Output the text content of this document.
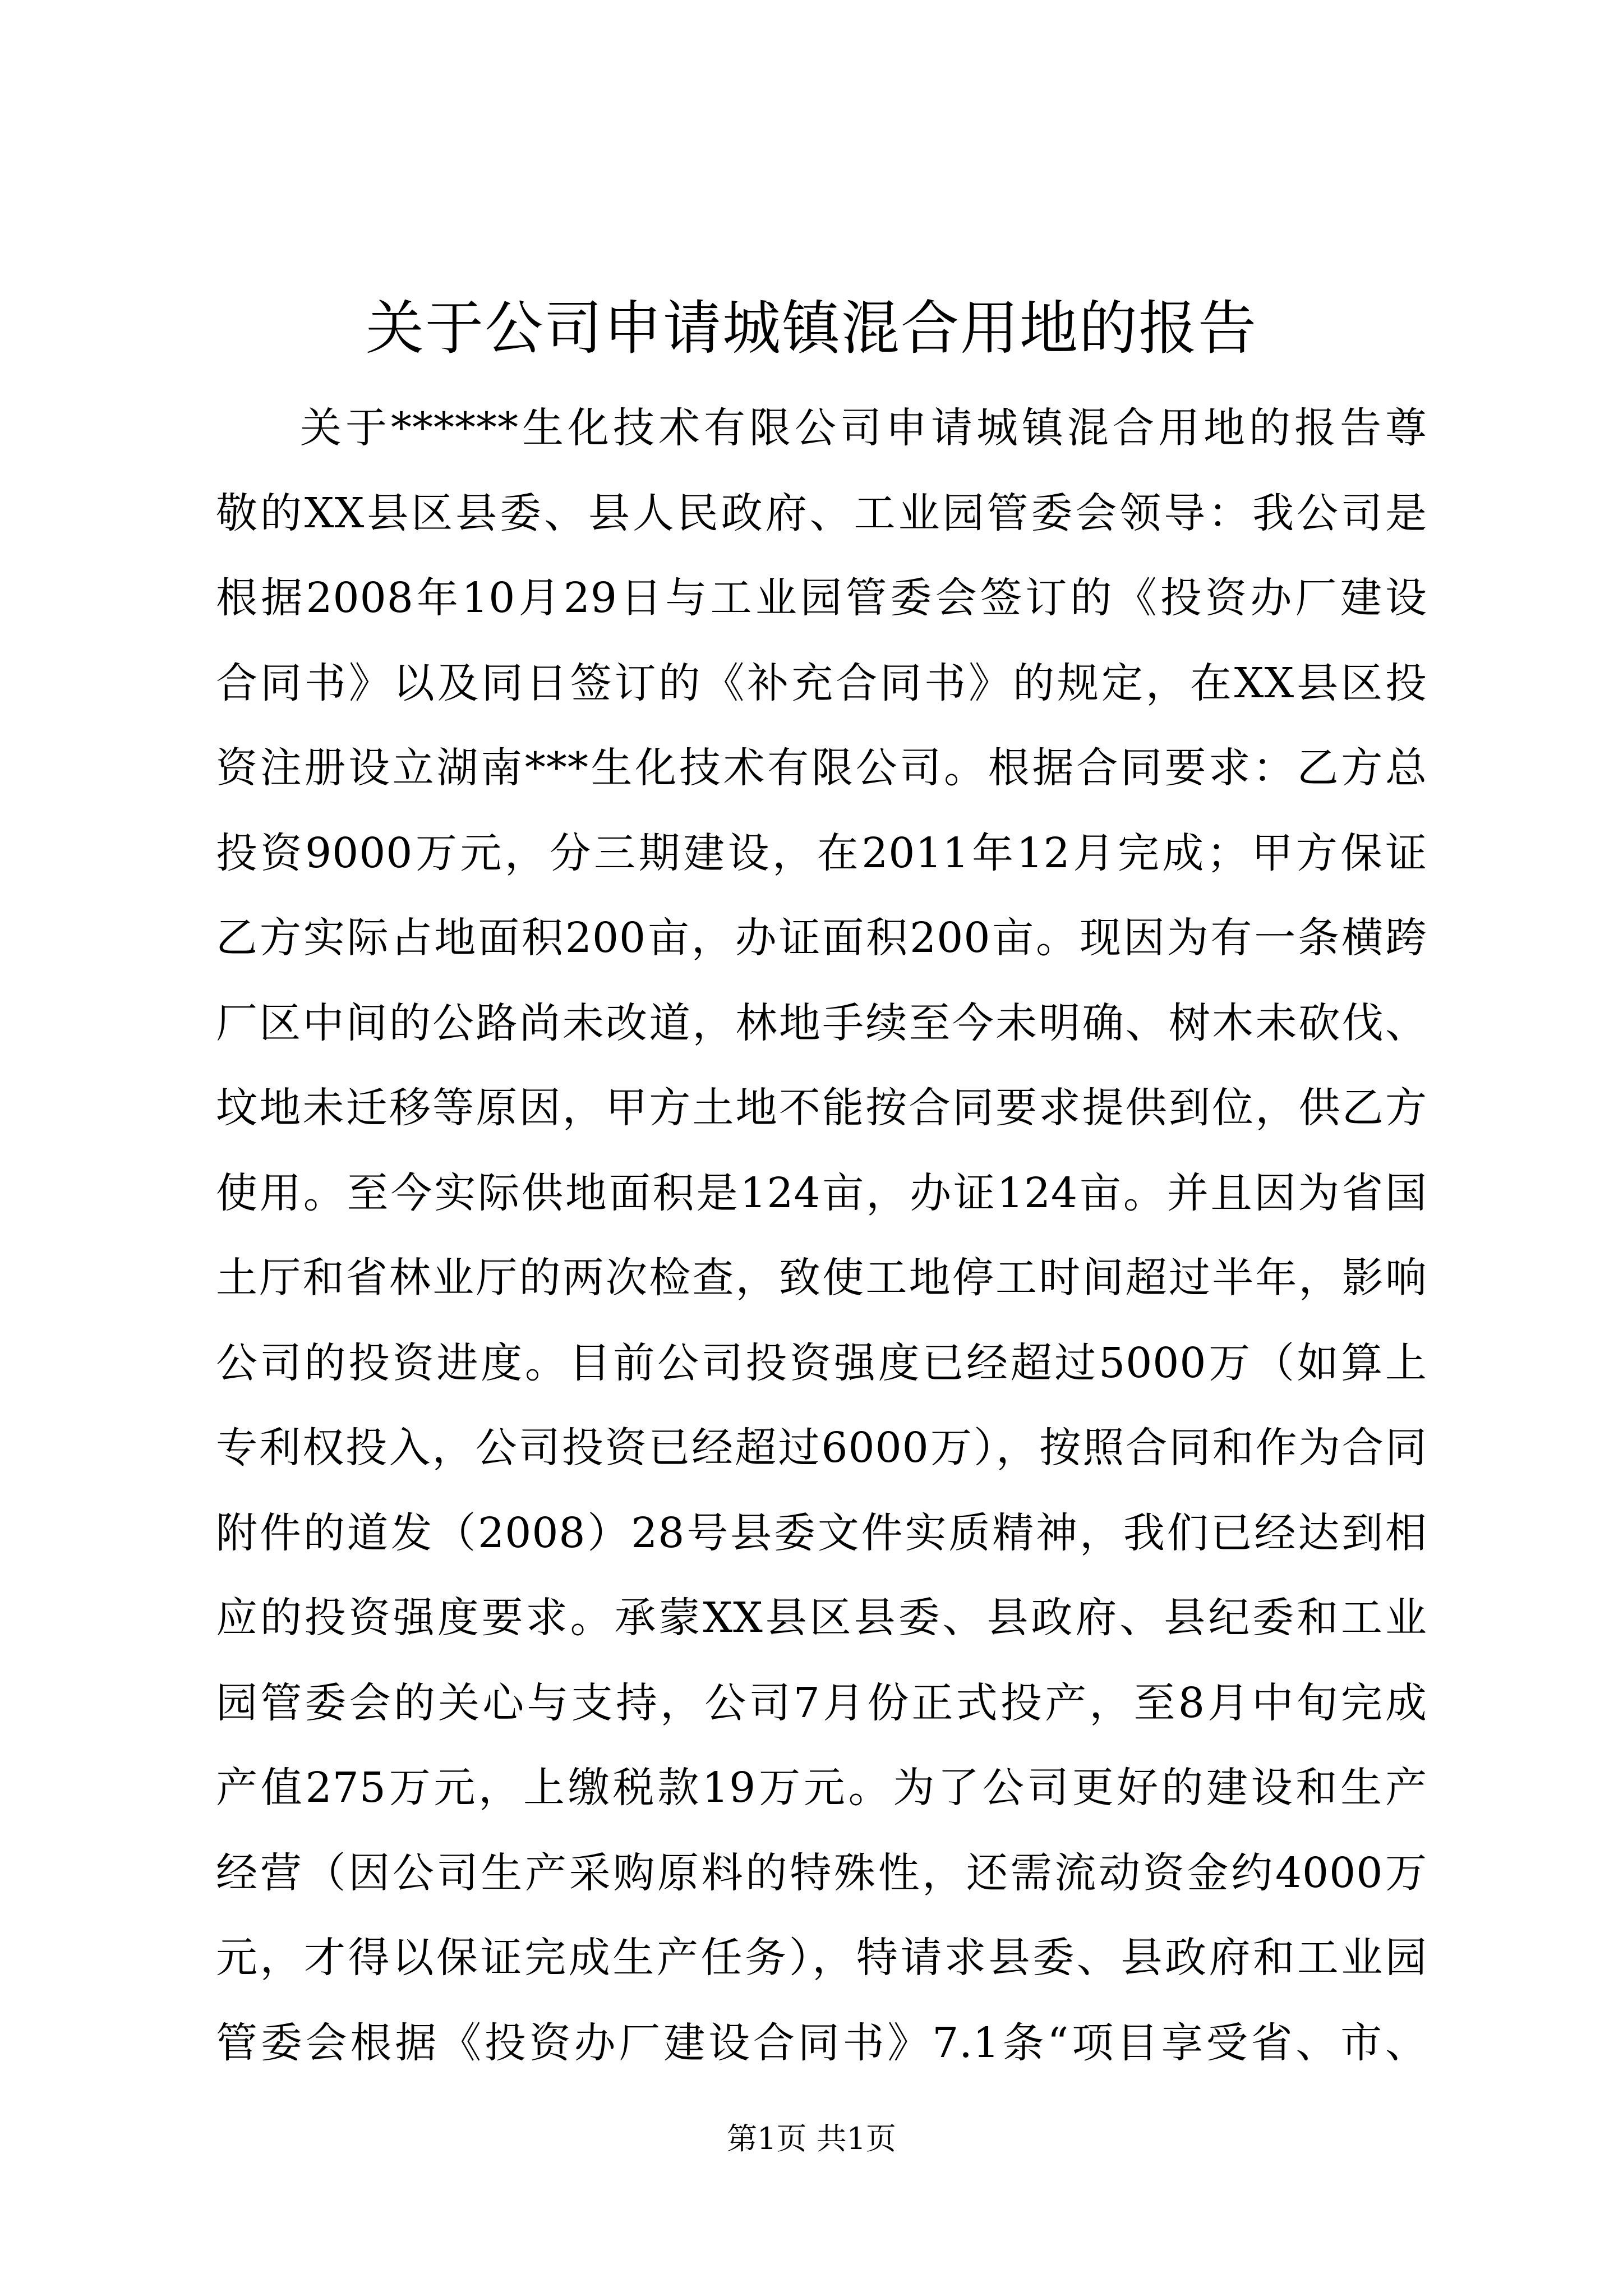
关于公司申请城镇混合用地的报告
关于******生化技术有限公司申请城镇混合用地的报告尊
敬的XX县区县委、县人民政府、工业园管委会领导：我公司是
根据2008年10月29日与工业园管委会签订的《投资办厂建设
合同书》以及同日签订的《补充合同书》的规定，在XX县区投
资注册设立湖南***生化技术有限公司。根据合同要求：乙方总
投资9000万元，分三期建设，在2011年12月完成；甲方保证
乙方实际占地面积200亩，办证面积200亩。现因为有一条横跨
厂区中间的公路尚未改道，林地手续至今未明确、树木未砍伐、
坟地未迁移等原因，甲方土地不能按合同要求提供到位，供乙方
使用。至今实际供地面积是124亩，办证124亩。并且因为省国
土厅和省林业厅的两次检查，致使工地停工时间超过半年，影响
公司的投资进度。目前公司投资强度已经超过5000万（如算上
专利权投入，公司投资已经超过6000万），按照合同和作为合同
附件的道发（2008）28号县委文件实质精神，我们已经达到相
应的投资强度要求。承蒙XX县区县委、县政府、县纪委和工业
园管委会的关心与支持，公司7月份正式投产，至8月中旬完成
产值275万元，上缴税款19万元。为了公司更好的建设和生产
经营（因公司生产采购原料的特殊性，还需流动资金约4000万
元，才得以保证完成生产任务），特请求县委、县政府和工业园
管委会根据《投资办厂建设合同书》7.1条“项目享受省、市、
第1页 共1页
